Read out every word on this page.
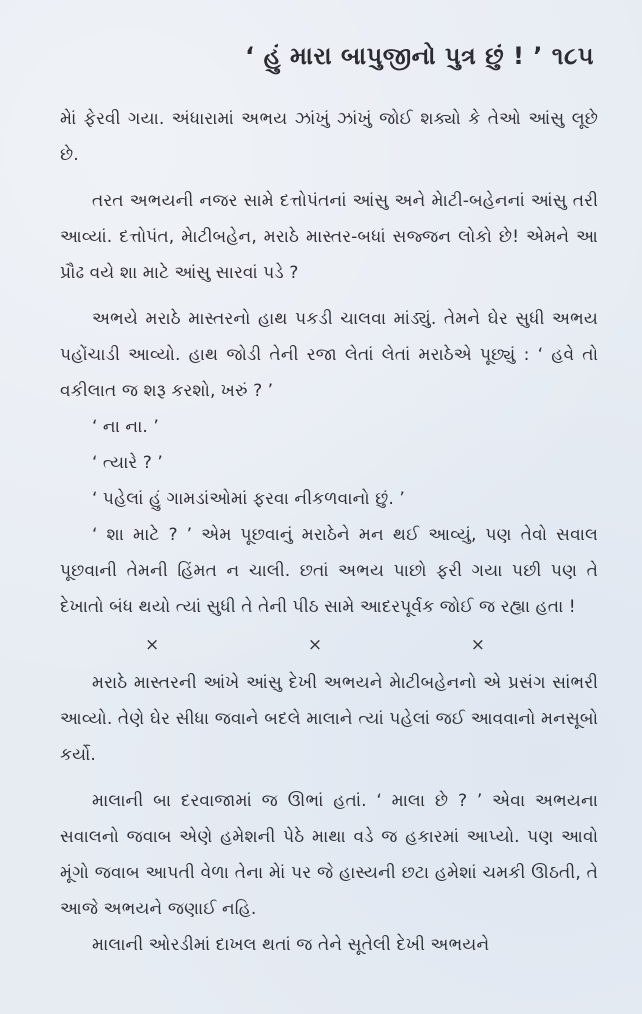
‘ હું મારા બાપુજીનો પુત્ર છું ! ’ ૧૮૫

મેાં ફેરવી ગયા. અંધારામાં અભય ઝાંખું ઝાંખું જોઈ શક્યો કે તેઓ આંસુ લૂછે છે.

તરત અભયની નજર સામે દત્તોપંતનાં આંસુ અને મેાટી-બહેનનાં આંસુ તરી આવ્યાં. દત્તોપંત, મેાટીબહેન, મરાઠે માસ્તર-બધાં સજ્જન લોકો છે! એમને આ પ્રૌઢ વયે શા માટે આંસુ સારવાં પડે ?

અભયે મરાઠે માસ્તરનો હાથ પકડી ચાલવા માંડ્યું. તેમને ઘેર સુધી અભય પહોંચાડી આવ્યો. હાથ જોડી તેની રજા લેતાં લેતાં મરાઠેએ પૂછ્યું : ‘ હવે તો વકીલાત જ શરૂ કરશો, ખરું ? ’

‘ ના ના. ’

‘ ત્યારે ? ’

‘ પહેલાં હું ગામડાંઓમાં ફરવા નીકળવાનો છું. ’

‘ શા માટે ? ’ એમ પૂછવાનું મરાઠેને મન થઈ આવ્યું, પણ તેવો સવાલ પૂછવાની તેમની હિંમત ન ચાલી. છતાં અભય પાછો ફરી ગયા પછી પણ તે દેખાતો બંધ થયો ત્યાં સુધી તે તેની પીઠ સામે આદરપૂર્વક જોઈ જ રહ્યા હતા !

×	×	×

મરાઠે માસ્તરની આંખે આંસુ દેખી અભયને મેાટીબહેનનો એ પ્રસંગ સાંભરી આવ્યો. તેણે ઘેર સીધા જવાને બદલે માલાને ત્યાં પહેલાં જઈ આવવાનો મનસૂબો કર્યો.

માલાની બા દરવાજામાં જ ઊભાં હતાં. ‘ માલા છે ? ’ એવા અભયના સવાલનો જવાબ એણે હમેશની પેઠે માથા વડે જ હકારમાં આપ્યો. પણ આવો મૂંગો જવાબ આપતી વેળા તેના મેાં પર જે હાસ્યની છટા હમેશાં ચમકી ઊઠતી, તે આજે અભયને જણાઈ નહિ.

માલાની ઓરડીમાં દાખલ થતાં જ તેને સૂતેલી દેખી અભયને
